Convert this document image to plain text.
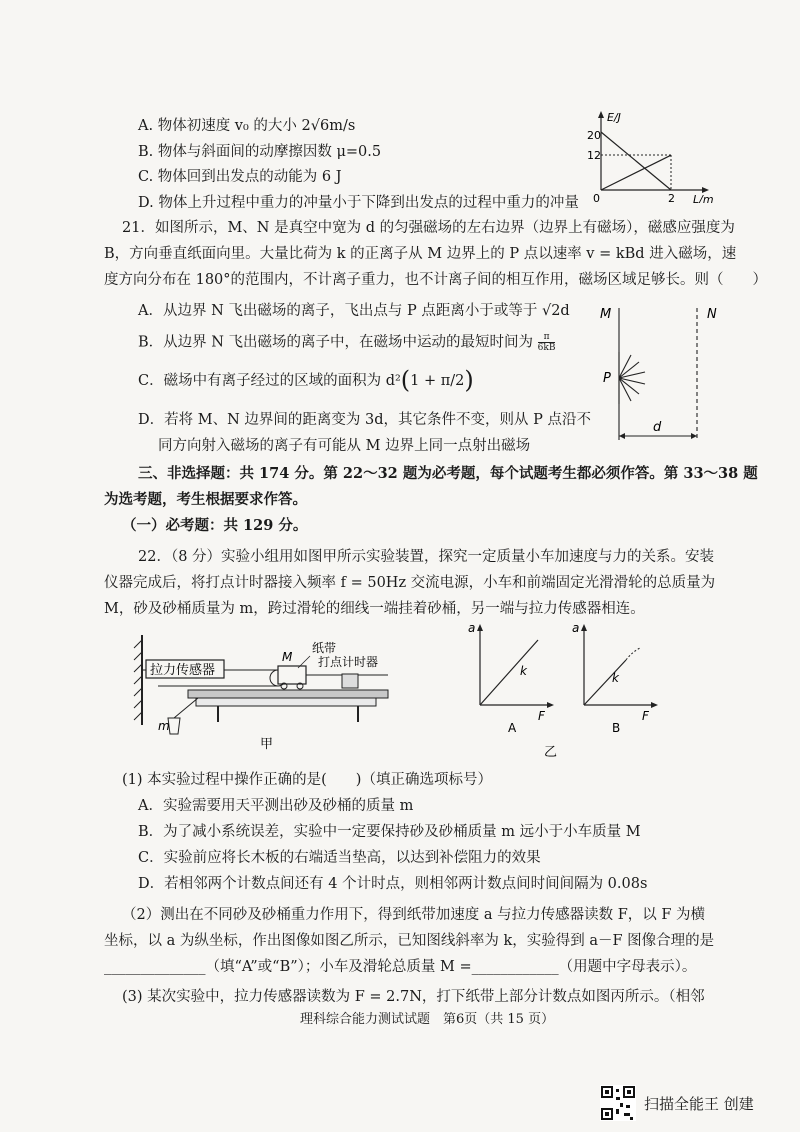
A. 物体初速度 v₀ 的大小 2√6m/s
B. 物体与斜面间的动摩擦因数 μ=0.5
C. 物体回到出发点的动能为 6 J
D. 物体上升过程中重力的冲量小于下降到出发点的过程中重力的冲量
E/J
L/m
20
12
0	2
21．如图所示，M、N 是真空中宽为 d 的匀强磁场的左右边界（边界上有磁场），磁感应强度为
B，方向垂直纸面向里。大量比荷为 k 的正离子从 M 边界上的 P 点以速率 v = kBd 进入磁场，速
度方向分布在 180°的范围内，不计离子重力，也不计离子间的相互作用，磁场区域足够长。则（　　）
A．从边界 N 飞出磁场的离子，飞出点与 P 点距离小于或等于 √2d
B．从边界 N 飞出磁场的离子中，在磁场中运动的最短时间为 $\frac{\pi}{6kB}$
C．磁场中有离子经过的区域的面积为 d²(1 + π/2)
D．若将 M、N 边界间的距离变为 3d，其它条件不变，则从 P 点沿不
同方向射入磁场的离子有可能从 M 边界上同一点射出磁场
M	N
P
d
三、非选择题：共 174 分。第 22～32 题为必考题，每个试题考生都必须作答。第 33～38 题
为选考题，考生根据要求作答。
（一）必考题：共 129 分。
22．（8 分）实验小组用如图甲所示实验装置，探究一定质量小车加速度与力的关系。安装
仪器完成后，将打点计时器接入频率 f = 50Hz 交流电源，小车和前端固定光滑滑轮的总质量为
M，砂及砂桶质量为 m，跨过滑轮的细线一端挂着砂桶，另一端与拉力传感器相连。
拉力传感器
M
纸带
打点计时器
m
甲
a
F
k
A
a
F
k
B
乙
(1) 本实验过程中操作正确的是(　　)（填正确选项标号）
A．实验需要用天平测出砂及砂桶的质量 m
B．为了减小系统误差，实验中一定要保持砂及砂桶质量 m 远小于小车质量 M
C．实验前应将长木板的右端适当垫高，以达到补偿阻力的效果
D．若相邻两个计数点间还有 4 个计时点，则相邻两计数点间时间间隔为 0.08s
（2）测出在不同砂及砂桶重力作用下，得到纸带加速度 a 与拉力传感器读数 F，以 F 为横
坐标，以 a 为纵坐标，作出图像如图乙所示，已知图线斜率为 k，实验得到 a－F 图像合理的是
______________（填“A”或“B”）；小车及滑轮总质量 M =____________（用题中字母表示）。
(3) 某次实验中，拉力传感器读数为 F = 2.7N，打下纸带上部分计数点如图丙所示。（相邻
理科综合能力测试试题　第6页（共 15 页）
扫描全能王 创建
